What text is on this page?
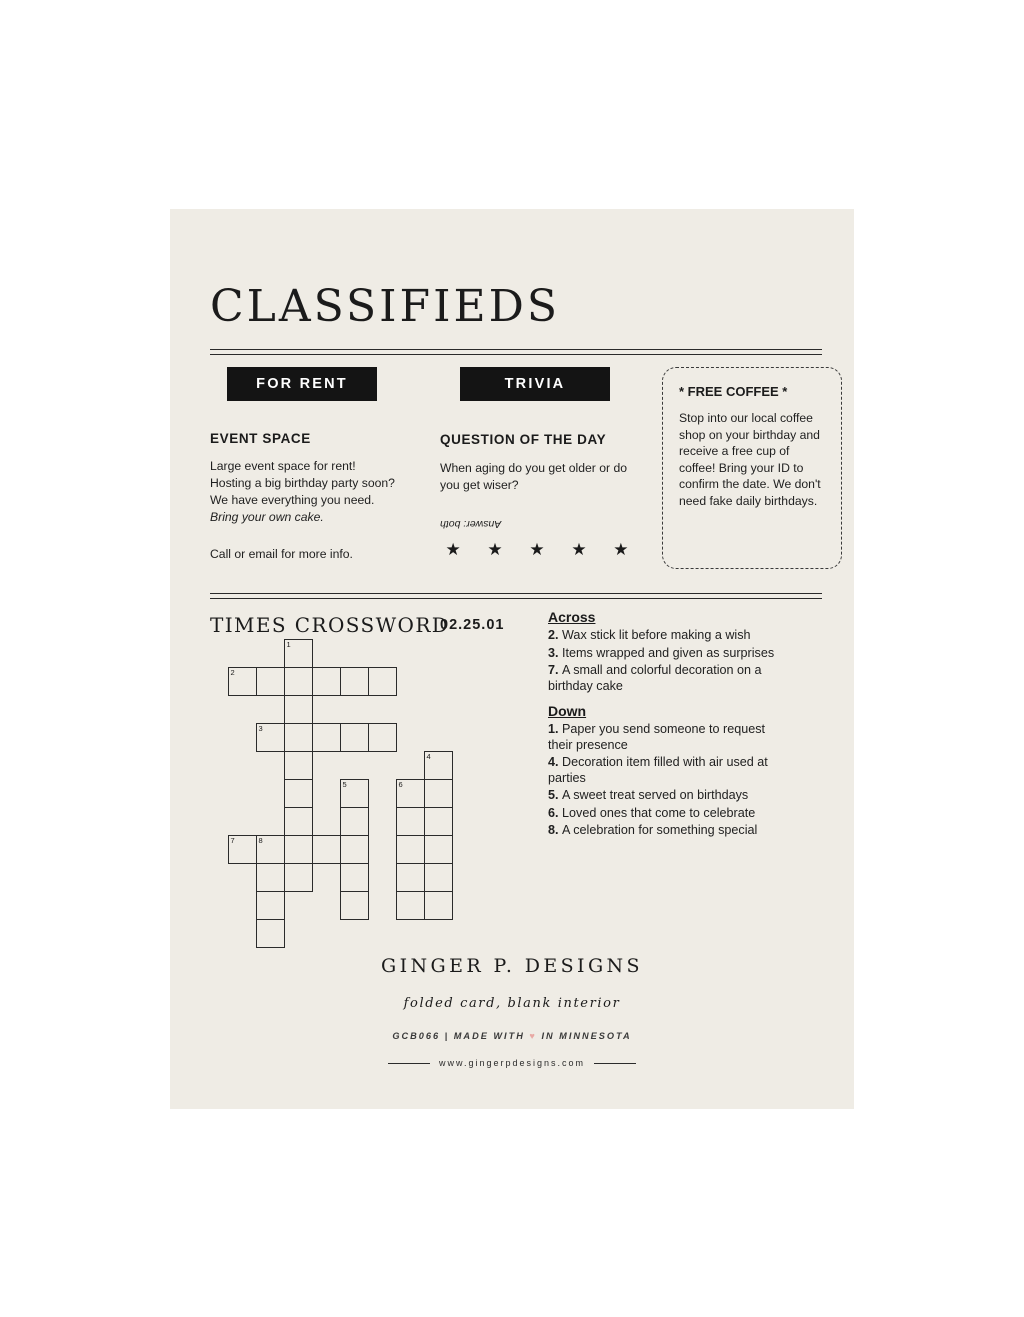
CLASSIFIEDS
FOR RENT
EVENT SPACE
Large event space for rent! Hosting a big birthday party soon? We have everything you need. Bring your own cake.
Call or email for more info.
TRIVIA
QUESTION OF THE DAY
When aging do you get older or do you get wiser?
Answer: both
★ ★ ★ ★ ★
* FREE COFFEE *
Stop into our local coffee shop on your birthday and receive a free cup of coffee! Bring your ID to confirm the date. We don't need fake daily birthdays.
TIMES CROSSWORD
02.25.01
1
2
3
4
5	6
7	8
Across
2. Wax stick lit before making a wish
3. Items wrapped and given as surprises
7. A small and colorful decoration on a birthday cake
Down
1. Paper you send someone to request their presence
4. Decoration item filled with air used at parties
5. A sweet treat served on birthdays
6. Loved ones that come to celebrate
8. A celebration for something special
GINGER P. DESIGNS
folded card, blank interior
GCB066 | MADE WITH ♥ IN MINNESOTA
www.gingerpdesigns.com
